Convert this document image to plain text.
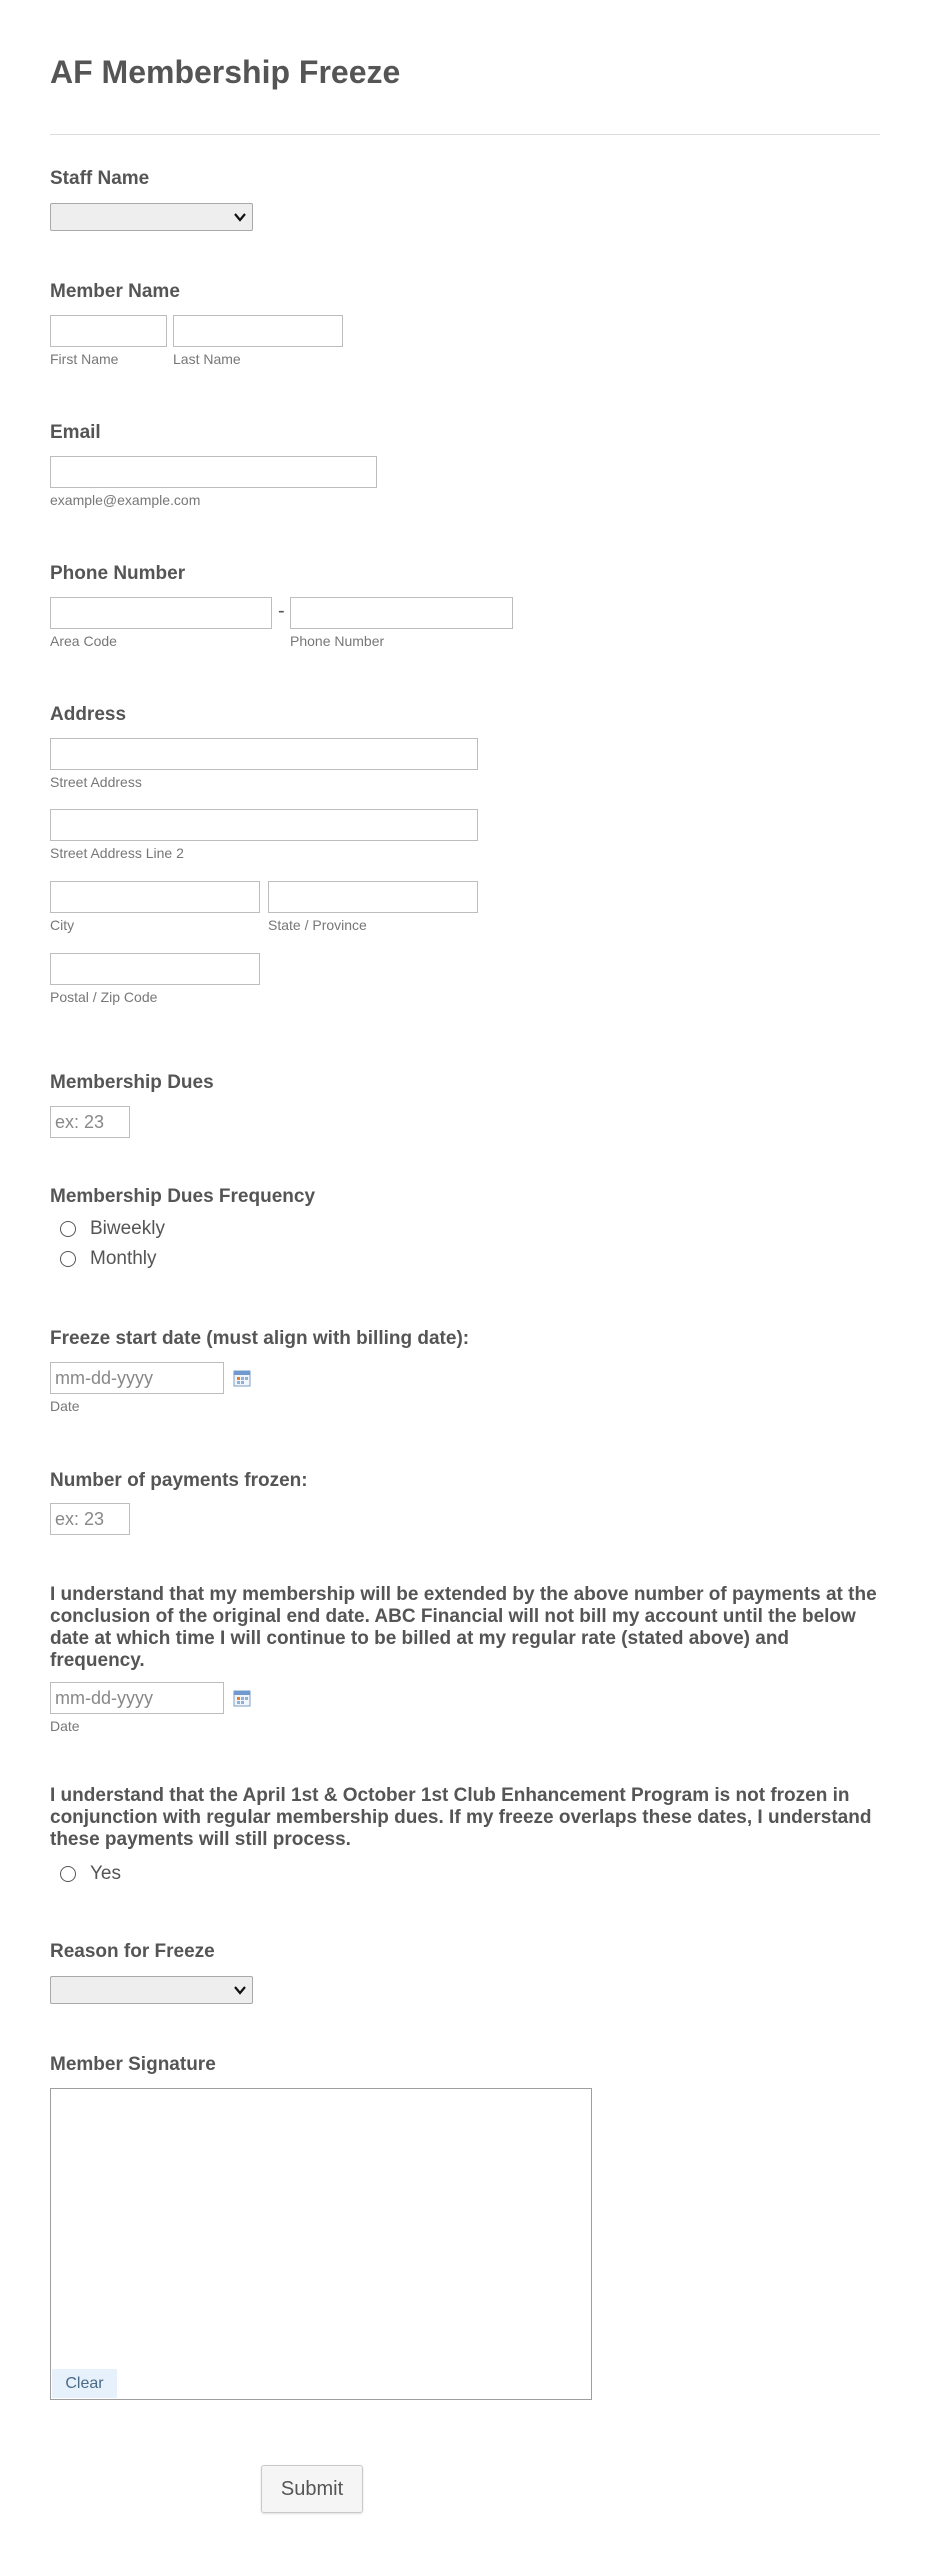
AF Membership Freeze

Staff Name

Member Name

First Name	Last Name

Email

example@example.com

Phone Number

-
Area Code	Phone Number

Address

Street Address
Street Address Line 2
City	State / Province
Postal / Zip Code

Membership Dues

ex: 23

Membership Dues Frequency

Biweekly
Monthly

Freeze start date (must align with billing date):

mm-dd-yyyy
Date

Number of payments frozen:

ex: 23

I understand that my membership will be extended by the above number of payments at the conclusion of the original end date. ABC Financial will not bill my account until the below date at which time I will continue to be billed at my regular rate (stated above) and frequency.

mm-dd-yyyy
Date

I understand that the April 1st & October 1st Club Enhancement Program is not frozen in conjunction with regular membership dues. If my freeze overlaps these dates, I understand these payments will still process.

Yes

Reason for Freeze

Member Signature

Clear
Submit
